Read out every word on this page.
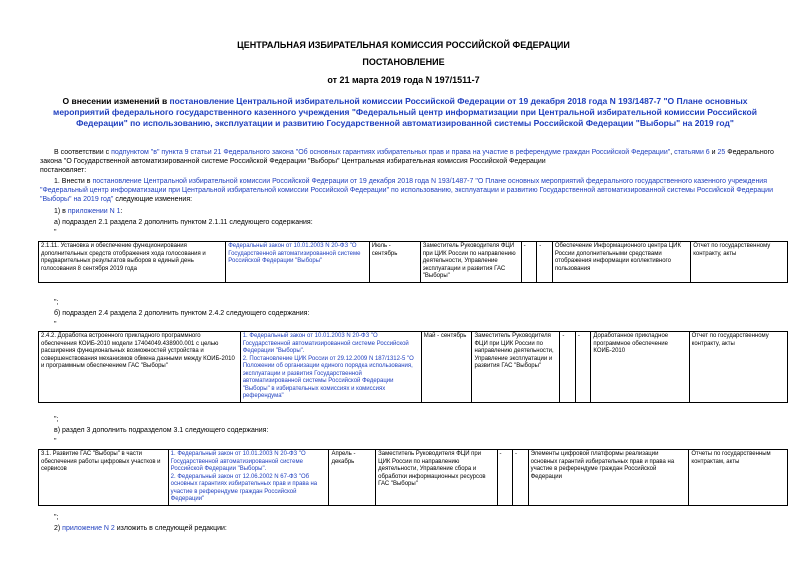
ЦЕНТРАЛЬНАЯ ИЗБИРАТЕЛЬНАЯ КОМИССИЯ РОССИЙСКОЙ ФЕДЕРАЦИИ
ПОСТАНОВЛЕНИЕ
от 21 марта 2019 года N 197/1511-7
О внесении изменений в постановление Центральной избирательной комиссии Российской Федерации от 19 декабря 2018 года N 193/1487-7 "О Плане основных мероприятий федерального государственного казенного учреждения "Федеральный центр информатизации при Центральной избирательной комиссии Российской Федерации" по использованию, эксплуатации и развитию Государственной автоматизированной системы Российской Федерации "Выборы" на 2019 год"
В соответствии с подпунктом "в" пункта 9 статьи 21 Федерального закона "Об основных гарантиях избирательных прав и права на участие в референдуме граждан Российской Федерации", статьями 6 и 25 Федерального закона "О Государственной автоматизированной системе Российской Федерации "Выборы" Центральная избирательная комиссия Российской Федерации
постановляет:
1. Внести в постановление Центральной избирательной комиссии Российской Федерации от 19 декабря 2018 года N 193/1487-7 "О Плане основных мероприятий федерального государственного казенного учреждения "Федеральный центр информатизации при Центральной избирательной комиссии Российской Федерации" по использованию, эксплуатации и развитию Государственной автоматизированной системы Российской Федерации "Выборы" на 2019 год" следующие изменения:
1) в приложении N 1:
а) подраздел 2.1 раздела 2 дополнить пунктом 2.1.11 следующего содержания:
"
2.1.11. Установка и обеспечение функционирования дополнительных средств отображения хода голосования и предварительных результатов выборов в единый день голосования 8 сентября 2019 года	Федеральный закон от 10.01.2003 N 20-ФЗ "О Государственной автоматизированной системе Российской Федерации "Выборы"	Июль - сентябрь	Заместитель Руководителя ФЦИ при ЦИК России по направлению деятельности, Управление эксплуатации и развития ГАС "Выборы"	-	-	Обеспечение Информационного центра ЦИК России дополнительными средствами отображения информации коллективного пользования	Отчет по государственному контракту, акты
";
б) подраздел 2.4 раздела 2 дополнить пунктом 2.4.2 следующего содержания:
"
2.4.2. Доработка встроенного прикладного программного обеспечения КОИБ-2010 модели 17404049.438900.001 с целью расширения функциональных возможностей устройства и совершенствования механизмов обмена данными между КОИБ-2010 и программным обеспечением ГАС "Выборы"	1. Федеральный закон от 10.01.2003 N 20-ФЗ "О Государственной автоматизированной системе Российской Федерации "Выборы".
2. Постановление ЦИК России от 29.12.2009 N 187/1312-5 "О Положении об организации единого порядка использования, эксплуатации и развития Государственной автоматизированной системы Российской Федерации "Выборы" в избирательных комиссиях и комиссиях референдума"	Май - сентябрь	Заместитель Руководителя ФЦИ при ЦИК России по направлению деятельности, Управление эксплуатации и развития ГАС "Выборы"	-	-	Доработанное прикладное программное обеспечение КОИБ-2010	Отчет по государственному контракту, акты
";
в) раздел 3 дополнить подразделом 3.1 следующего содержания:
"
3.1. Развитие ГАС "Выборы" в части обеспечения работы цифровых участков и сервисов	1. Федеральный закон от 10.01.2003 N 20-ФЗ "О Государственной автоматизированной системе Российской Федерации "Выборы".
2. Федеральный закон от 12.06.2002 N 67-ФЗ "Об основных гарантиях избирательных прав и права на участие в референдуме граждан Российской Федерации"	Апрель - декабрь	Заместитель Руководителя ФЦИ при ЦИК России по направлению деятельности, Управление сбора и обработки информационных ресурсов ГАС "Выборы"	-	-	Элементы цифровой платформы реализации основных гарантий избирательных прав и права на участие в референдуме граждан Российской Федерации	Отчеты по государственным контрактам, акты
";
2) приложение N 2 изложить в следующей редакции:
